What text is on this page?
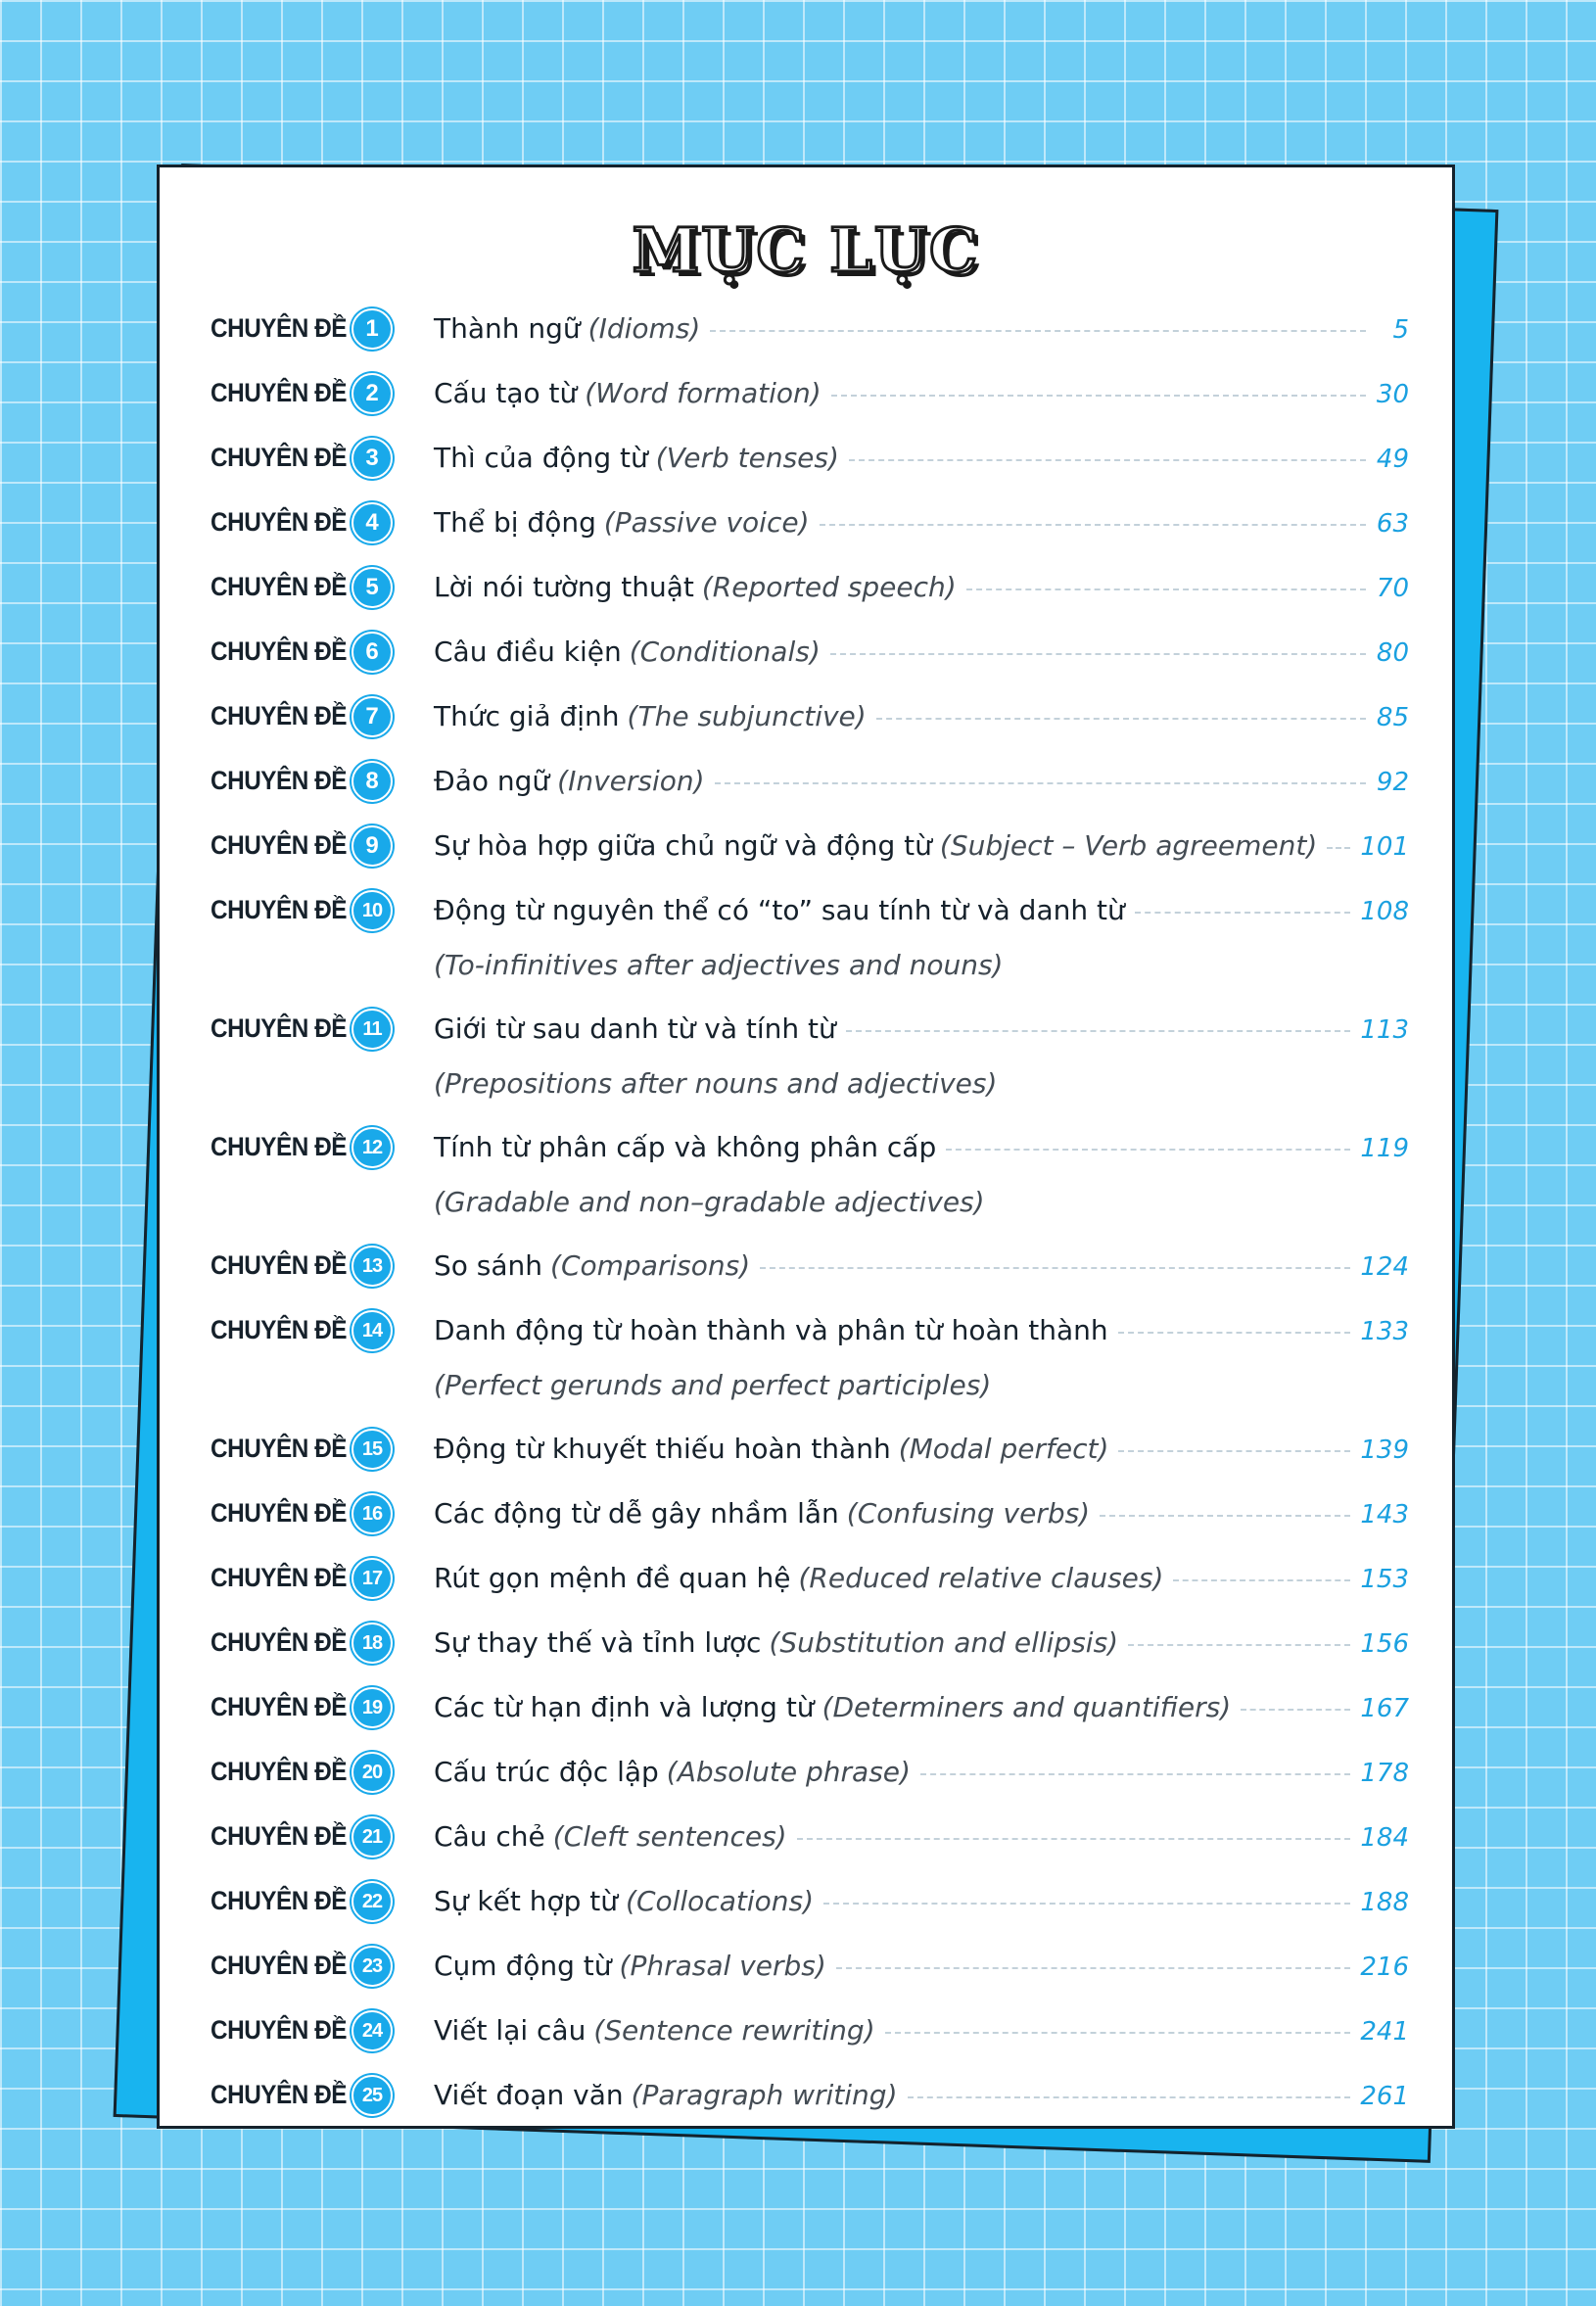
MỤC LỤC
CHUYÊN ĐỀ 1	Thành ngữ (Idioms)	5
CHUYÊN ĐỀ 2	Cấu tạo từ (Word formation)	30
CHUYÊN ĐỀ 3	Thì của động từ (Verb tenses)	49
CHUYÊN ĐỀ 4	Thể bị động (Passive voice)	63
CHUYÊN ĐỀ 5	Lời nói tường thuật (Reported speech)	70
CHUYÊN ĐỀ 6	Câu điều kiện (Conditionals)	80
CHUYÊN ĐỀ 7	Thức giả định (The subjunctive)	85
CHUYÊN ĐỀ 8	Đảo ngữ (Inversion)	92
CHUYÊN ĐỀ 9	Sự hòa hợp giữa chủ ngữ và động từ (Subject – Verb agreement) 101
CHUYÊN ĐỀ 10	Động từ nguyên thể có “to” sau tính từ và danh từ	108
(To-infinitives after adjectives and nouns)
CHUYÊN ĐỀ 11	Giới từ sau danh từ và tính từ	113
(Prepositions after nouns and adjectives)
CHUYÊN ĐỀ 12	Tính từ phân cấp và không phân cấp	119
(Gradable and non–gradable adjectives)
CHUYÊN ĐỀ 13	So sánh (Comparisons)	124
CHUYÊN ĐỀ 14	Danh động từ hoàn thành và phân từ hoàn thành	133
(Perfect gerunds and perfect participles)
CHUYÊN ĐỀ 15	Động từ khuyết thiếu hoàn thành (Modal perfect)	139
CHUYÊN ĐỀ 16	Các động từ dễ gây nhầm lẫn (Confusing verbs)	143
CHUYÊN ĐỀ 17	Rút gọn mệnh đề quan hệ (Reduced relative clauses)	153
CHUYÊN ĐỀ 18	Sự thay thế và tỉnh lược (Substitution and ellipsis)	156
CHUYÊN ĐỀ 19	Các từ hạn định và lượng từ (Determiners and quantifiers)	167
CHUYÊN ĐỀ 20	Cấu trúc độc lập (Absolute phrase)	178
CHUYÊN ĐỀ 21	Câu chẻ (Cleft sentences)	184
CHUYÊN ĐỀ 22	Sự kết hợp từ (Collocations)	188
CHUYÊN ĐỀ 23	Cụm động từ (Phrasal verbs)	216
CHUYÊN ĐỀ 24	Viết lại câu (Sentence rewriting)	241
CHUYÊN ĐỀ 25	Viết đoạn văn (Paragraph writing)	261
